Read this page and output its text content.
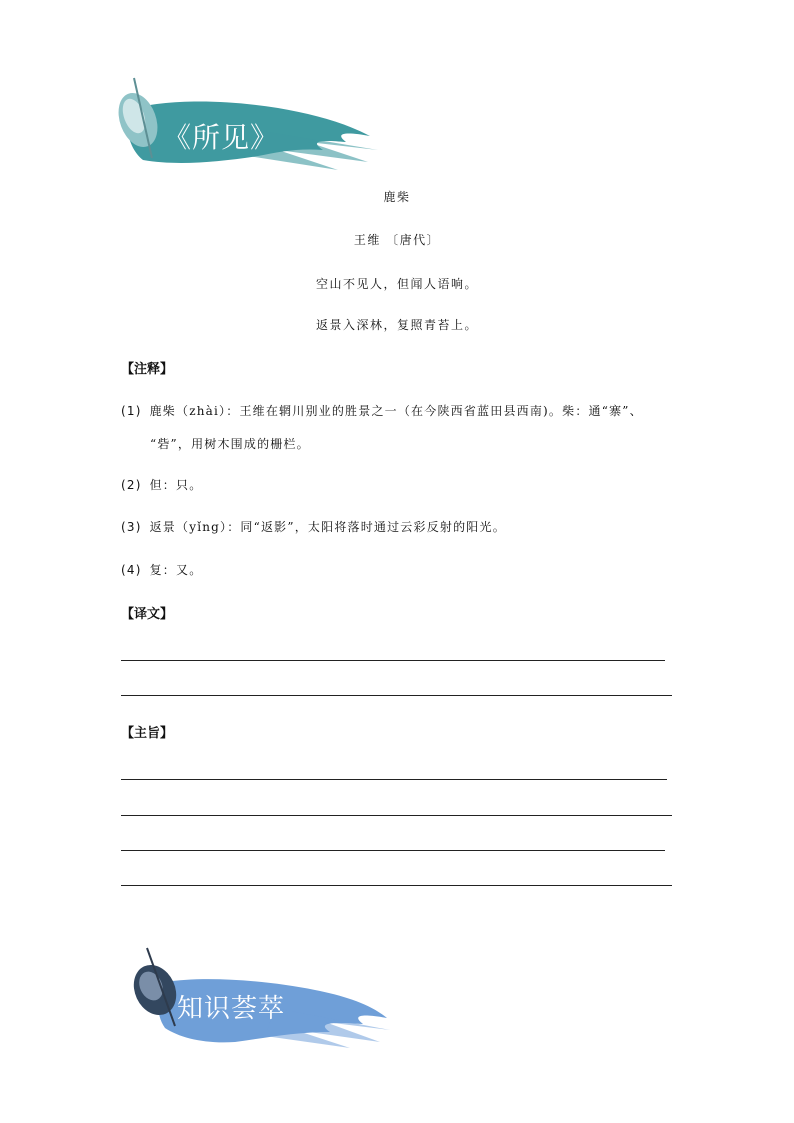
《所见》
鹿柴
王维 〔唐代〕
空山不见人，但闻人语响。
返景入深林，复照青苔上。
【注释】
(1) 鹿柴（zhài）：王维在辋川别业的胜景之一（在今陕西省蓝田县西南)。柴：通“寨”、
“砦”，用树木围成的栅栏。
(2) 但：只。
(3) 返景（yǐng）：同“返影”，太阳将落时通过云彩反射的阳光。
(4) 复：又。
【译文】
【主旨】
知识荟萃
